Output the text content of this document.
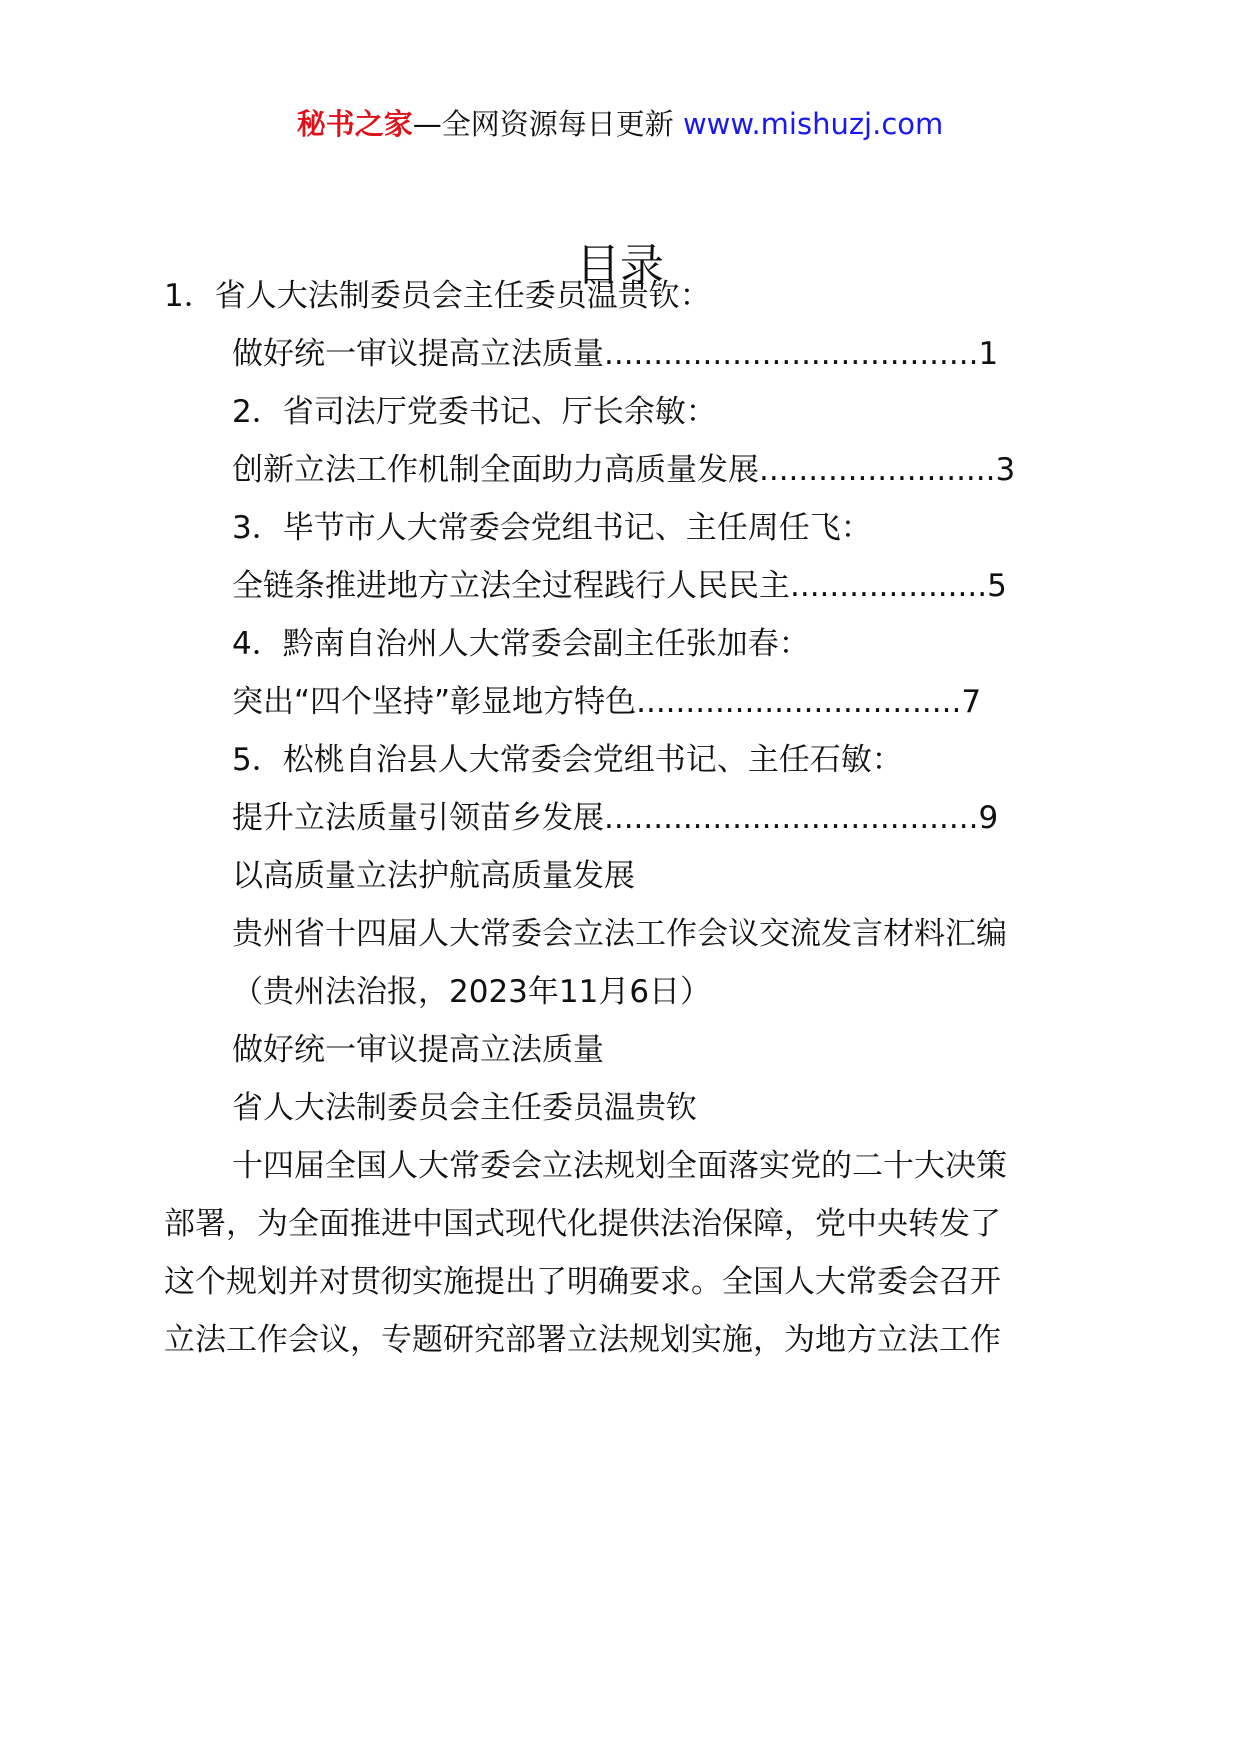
秘书之家—全网资源每日更新 www.mishuzj.com
目录
1．省人大法制委员会主任委员温贵钦：
做好统一审议提高立法质量 ...................................... 1
2．省司法厅党委书记、厅长余敏：
创新立法工作机制全面助力高质量发展 ........................ 3
3．毕节市人大常委会党组书记、主任周任飞：
全链条推进地方立法全过程践行人民民主 .................... 5
4．黔南自治州人大常委会副主任张加春：
突出“四个坚持”彰显地方特色 ................................. 7
5．松桃自治县人大常委会党组书记、主任石敏：
提升立法质量引领苗乡发展 ...................................... 9
以高质量立法护航高质量发展
贵州省十四届人大常委会立法工作会议交流发言材料汇编
（贵州法治报，2023年11月6日）
做好统一审议提高立法质量
省人大法制委员会主任委员温贵钦
十四届全国人大常委会立法规划全面落实党的二十大决策
部署，为全面推进中国式现代化提供法治保障，党中央转发了
这个规划并对贯彻实施提出了明确要求。全国人大常委会召开
立法工作会议，专题研究部署立法规划实施，为地方立法工作
